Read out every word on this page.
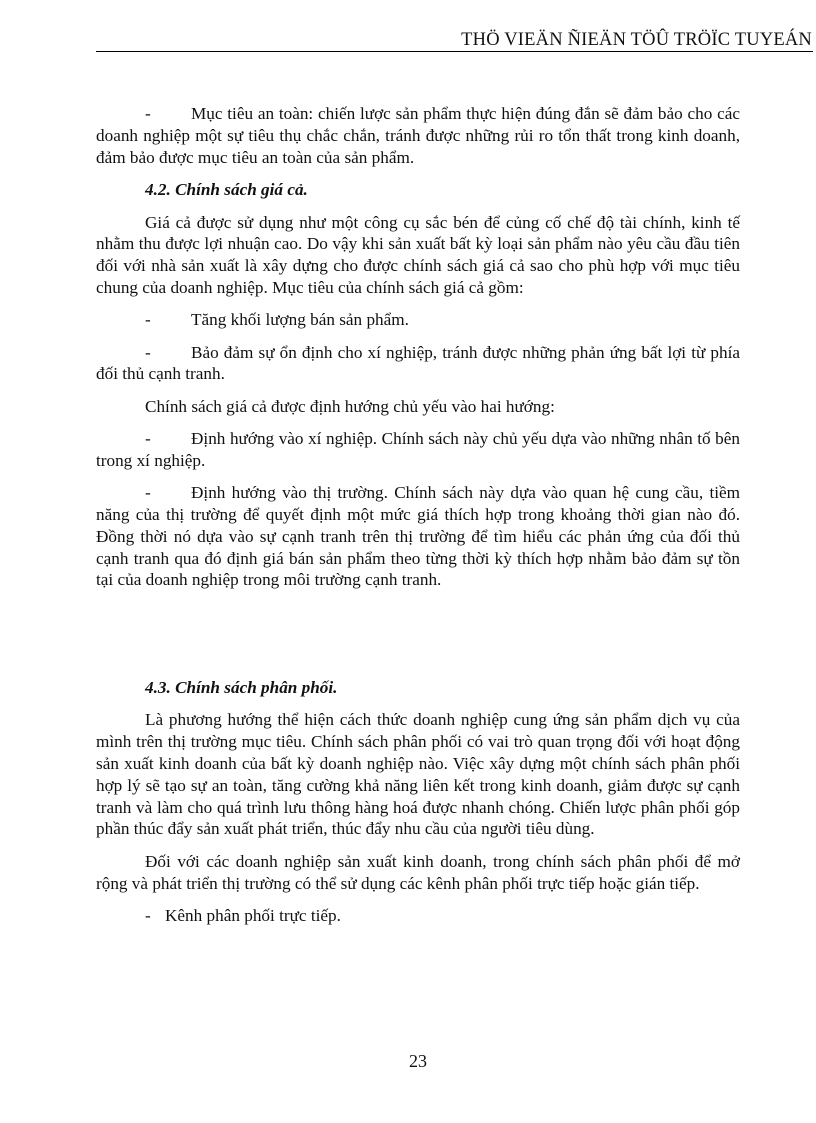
THÖ VIEÄN ÑIEÄN TÖÛ TRÖÏC TUYEÁN

- Mục tiêu an toàn: chiến lược sản phẩm thực hiện đúng đắn sẽ đảm bảo cho các doanh nghiệp một sự tiêu thụ chắc chắn, tránh được những rủi ro tổn thất trong kinh doanh, đảm bảo được mục tiêu an toàn của sản phẩm.

4.2. Chính sách giá cả.

Giá cả được sử dụng như một công cụ sắc bén để củng cố chế độ tài chính, kinh tế nhằm thu được lợi nhuận cao. Do vậy khi sản xuất bất kỳ loại sản phẩm nào yêu cầu đầu tiên đối với nhà sản xuất là xây dựng cho được chính sách giá cả sao cho phù hợp với mục tiêu chung của doanh nghiệp. Mục tiêu của chính sách giá cả gồm:

- Tăng khối lượng bán sản phẩm.

- Bảo đảm sự ổn định cho xí nghiệp, tránh được những phản ứng bất lợi từ phía đối thủ cạnh tranh.

Chính sách giá cả được định hướng chủ yếu vào hai hướng:

- Định hướng vào xí nghiệp. Chính sách này chủ yếu dựa vào những nhân tố bên trong xí nghiệp.

- Định hướng vào thị trường. Chính sách này dựa vào quan hệ cung cầu, tiềm năng của thị trường để quyết định một mức giá thích hợp trong khoảng thời gian nào đó. Đồng thời nó dựa vào sự cạnh tranh trên thị trường để tìm hiểu các phản ứng của đối thủ cạnh tranh qua đó định giá bán sản phẩm theo từng thời kỳ thích hợp nhằm bảo đảm sự tồn tại của doanh nghiệp trong môi trường cạnh tranh.

4.3. Chính sách phân phối.

Là phương hướng thể hiện cách thức doanh nghiệp cung ứng sản phẩm dịch vụ của mình trên thị trường mục tiêu. Chính sách phân phối có vai trò quan trọng đối với hoạt động sản xuất kinh doanh của bất kỳ doanh nghiệp nào. Việc xây dựng một chính sách phân phối hợp lý sẽ tạo sự an toàn, tăng cường khả năng liên kết trong kinh doanh, giảm được sự cạnh tranh và làm cho quá trình lưu thông hàng hoá được nhanh chóng. Chiến lược phân phối góp phần thúc đẩy sản xuất phát triển, thúc đẩy nhu cầu của người tiêu dùng.

Đối với các doanh nghiệp sản xuất kinh doanh, trong chính sách phân phối để mở rộng và phát triển thị trường có thể sử dụng các kênh phân phối trực tiếp hoặc gián tiếp.

- Kênh phân phối trực tiếp.

23
